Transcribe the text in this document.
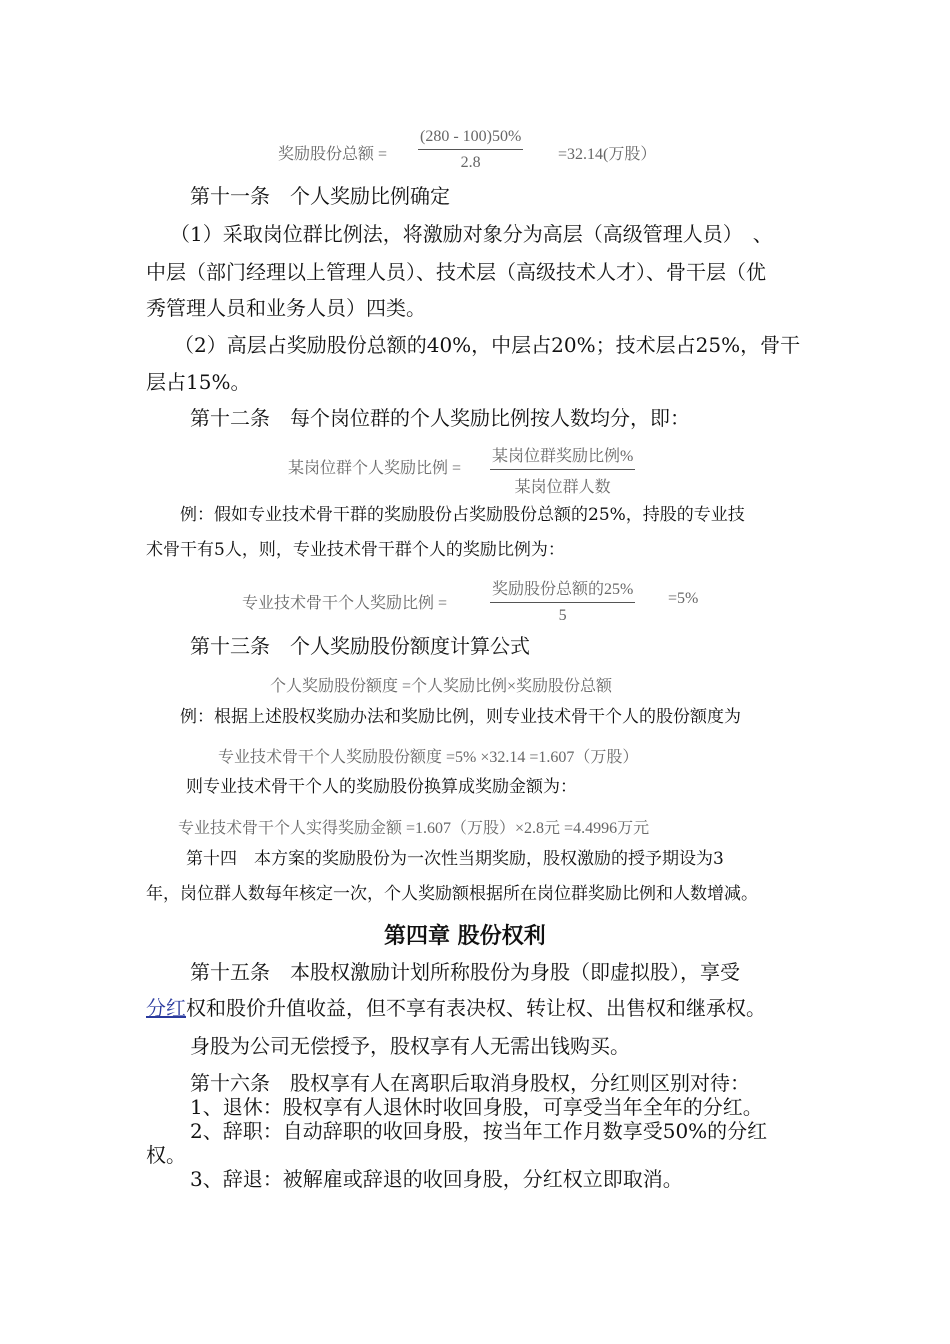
奖励股份总额 = $\frac{(280 - 100)50\%}{2.8} =32.14$(万股）
第十一条　个人奖励比例确定
（1）采取岗位群比例法，将激励对象分为高层（高级管理人员）　、
中层（部门经理以上管理人员）、技术层（高级技术人才）、骨干层（优
秀管理人员和业务人员）四类。
（2）高层占奖励股份总额的40%，中层占20%；技术层占25%，骨干
层占15%。
第十二条　每个岗位群的个人奖励比例按人数均分，即：
某岗位群个人奖励比例 =
某岗位群奖励比例%
某岗位群人数
例：假如专业技术骨干群的奖励股份占奖励股份总额的25%，持股的专业技
术骨干有5人，则，专业技术骨干群个人的奖励比例为：
专业技术骨干个人奖励比例 =
奖励股份总额的25%
5
=5%
第十三条　个人奖励股份额度计算公式
个人奖励股份额度 =个人奖励比例×奖励股份总额
例：根据上述股权奖励办法和奖励比例，则专业技术骨干个人的股份额度为
专业技术骨干个人奖励股份额度 =5% ×32.14 =1.607（万股）
则专业技术骨干个人的奖励股份换算成奖励金额为：
专业技术骨干个人实得奖励金额 =1.607（万股）×2.8元 =4.4996万元
第十四　本方案的奖励股份为一次性当期奖励，股权激励的授予期设为3
年，岗位群人数每年核定一次，个人奖励额根据所在岗位群奖励比例和人数增减。
第四章 股份权利
第十五条　本股权激励计划所称股份为身股（即虚拟股），享受
分红权和股价升值收益，但不享有表决权、转让权、出售权和继承权。
身股为公司无偿授予，股权享有人无需出钱购买。
第十六条　股权享有人在离职后取消身股权，分红则区别对待：
1、退休：股权享有人退休时收回身股，可享受当年全年的分红。
2、辞职：自动辞职的收回身股，按当年工作月数享受50%的分红
权。
3、辞退：被解雇或辞退的收回身股，分红权立即取消。
